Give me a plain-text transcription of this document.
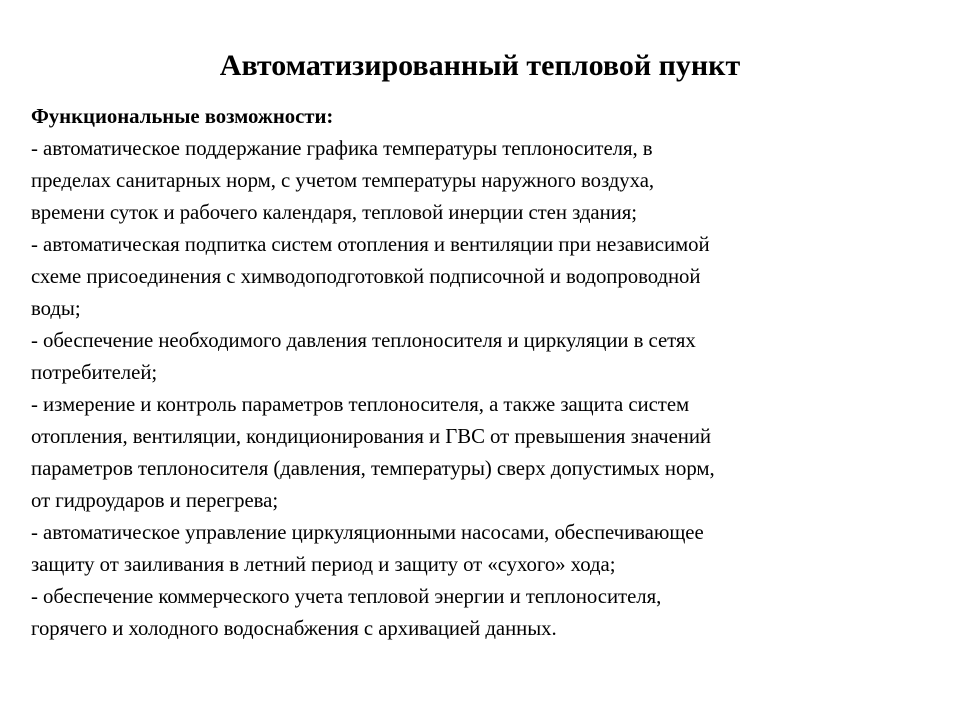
Автоматизированный тепловой пункт
Функциональные возможности:
- автоматическое поддержание графика температуры теплоносителя, в
пределах санитарных норм, с учетом температуры наружного воздуха,
времени суток и рабочего календаря, тепловой инерции стен здания;
- автоматическая подпитка систем отопления и вентиляции при независимой
схеме присоединения с химводоподготовкой подписочной и водопроводной
воды;
- обеспечение необходимого давления теплоносителя и циркуляции в сетях
потребителей;
- измерение и контроль параметров теплоносителя, а также защита систем
отопления, вентиляции, кондиционирования и ГВС от превышения значений
параметров теплоносителя (давления, температуры) сверх допустимых норм,
от гидроударов и перегрева;
- автоматическое управление циркуляционными насосами, обеспечивающее
защиту от заиливания в летний период и защиту от «сухого» хода;
- обеспечение коммерческого учета тепловой энергии и теплоносителя,
горячего и холодного водоснабжения с архивацией данных.
